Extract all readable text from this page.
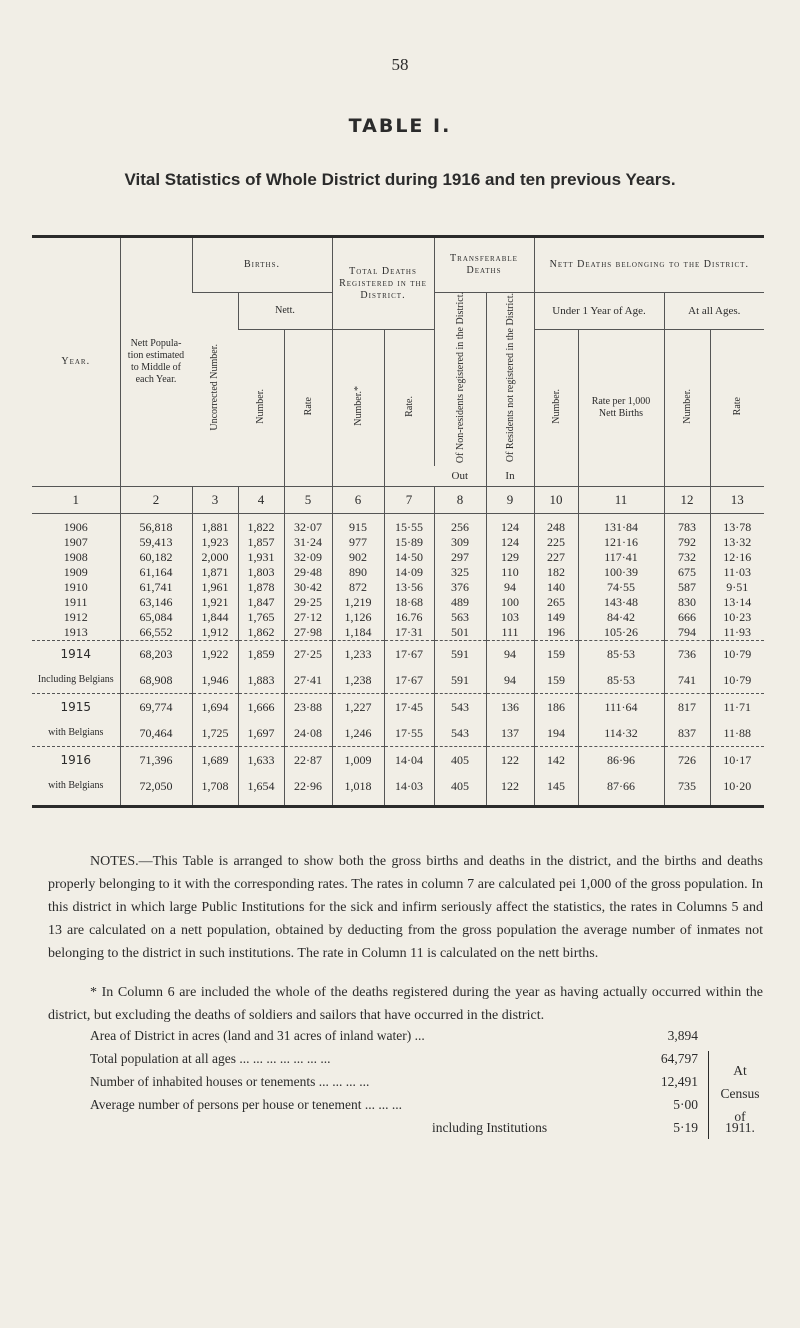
58
TABLE I.
Vital Statistics of Whole District during 1916 and ten previous Years.
Year.	Nett Popula- tion estimated to Middle of each Year.	Births.			Total Deaths Registered in the District.		Transferable Deaths		Nett Deaths belonging to the District.			
		Uncorrected Number.	Nett.				Of Non-residents registered in the District.	Of Residents not registered in the District.	Under 1 Year of Age.		At all Ages.	
			Number.	Rate	Number.*	Rate.			Number.	Rate per 1,000 Nett Births	Number.	Rate
							Out	In				
1	2	3	4	5	6	7	8	9	10	11	12	13

1906	56,818	1,881	1,822	32·07	915	15·55	256	124	248	131·84	783	13·78
1907	59,413	1,923	1,857	31·24	977	15·89	309	124	225	121·16	792	13·32
1908	60,182	2,000	1,931	32·09	902	14·50	297	129	227	117·41	732	12·16
1909	61,164	1,871	1,803	29·48	890	14·09	325	110	182	100·39	675	11·03
1910	61,741	1,961	1,878	30·42	872	13·56	376	94	140	74·55	587	9·51
1911	63,146	1,921	1,847	29·25	1,219	18·68	489	100	265	143·48	830	13·14
1912	65,084	1,844	1,765	27·12	1,126	16.76	563	103	149	84·42	666	10·23
1913	66,552	1,912	1,862	27·98	1,184	17·31	501	111	196	105·26	794	11·93
1914	68,203	1,922	1,859	27·25	1,233	17·67	591	94	159	85·53	736	10·79
Including Belgians	68,908	1,946	1,883	27·41	1,238	17·67	591	94	159	85·53	741	10·79
1915	69,774	1,694	1,666	23·88	1,227	17·45	543	136	186	111·64	817	11·71
with Belgians	70,464	1,725	1,697	24·08	1,246	17·55	543	137	194	114·32	837	11·88
1916	71,396	1,689	1,633	22·87	1,009	14·04	405	122	142	86·96	726	10·17
with Belgians	72,050	1,708	1,654	22·96	1,018	14·03	405	122	145	87·66	735	10·20

NOTES.—This Table is arranged to show both the gross births and deaths in the district, and the births and deaths properly belonging to it with the corresponding rates. The rates in column 7 are calculated pei 1,000 of the gross population. In this district in which large Public Institutions for the sick and infirm seriously affect the statistics, the rates in Columns 5 and 13 are calculated on a nett population, obtained by deducting from the gross population the average number of inmates not belonging to the district in such institutions. The rate in Column 11 is calculated on the nett births.

* In Column 6 are included the whole of the deaths registered during the year as having actually occurred within the district, but excluding the deaths of soldiers and sailors that have occurred in the district.

Area of District in acres (land and 31 acres of inland water) ...	3,894
Total population at all ages ... ... ... ... ... ... ...	64,797
At
Number of inhabited houses or tenements ... ... ... ...	12,491
Census
Average number of persons per house or tenement ... ... ...	5·00
of
including Institutions	5·19	1911.
